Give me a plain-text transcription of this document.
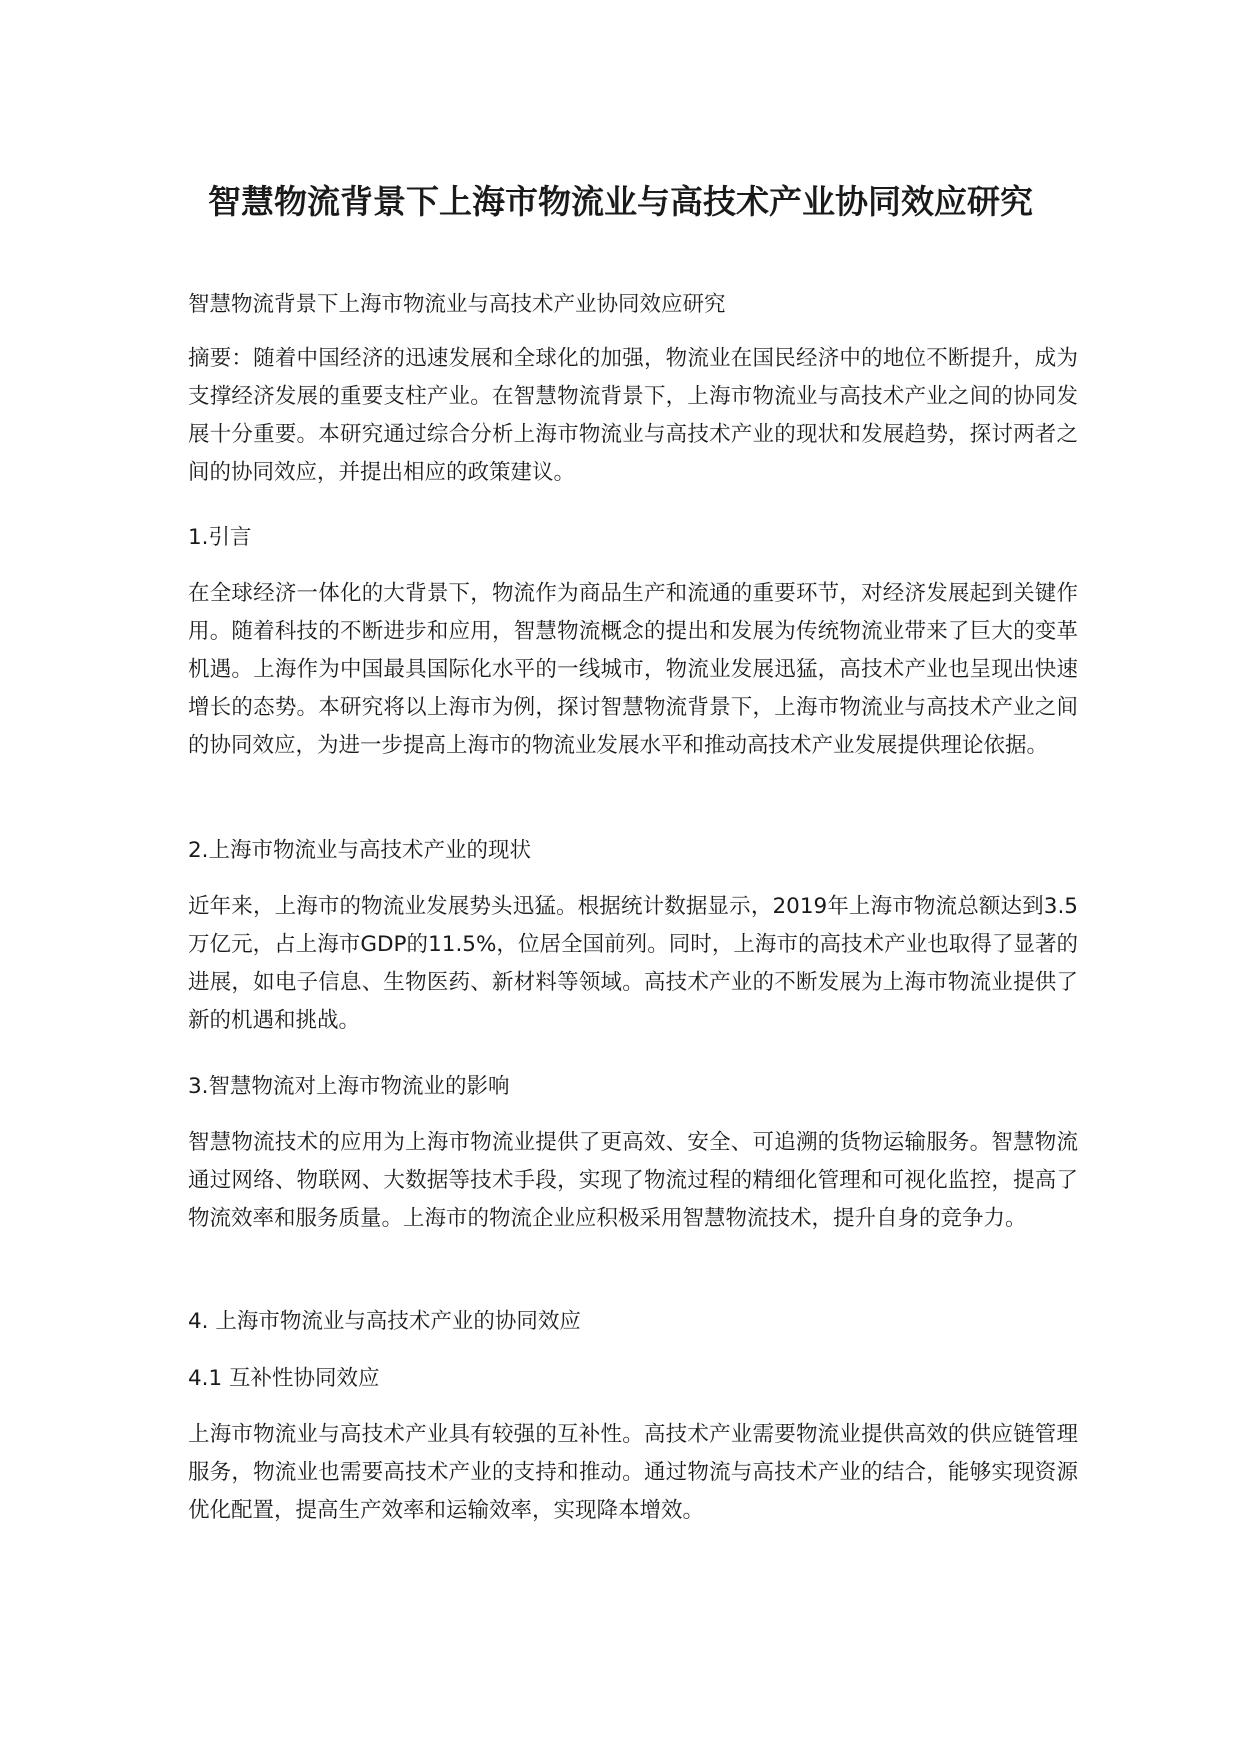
智慧物流背景下上海市物流业与高技术产业协同效应研究

智慧物流背景下上海市物流业与高技术产业协同效应研究

摘要：随着中国经济的迅速发展和全球化的加强，物流业在国民经济中的地位不断提升，成为支撑经济发展的重要支柱产业。在智慧物流背景下，上海市物流业与高技术产业之间的协同发展十分重要。本研究通过综合分析上海市物流业与高技术产业的现状和发展趋势，探讨两者之间的协同效应，并提出相应的政策建议。

1.引言

在全球经济一体化的大背景下，物流作为商品生产和流通的重要环节，对经济发展起到关键作用。随着科技的不断进步和应用，智慧物流概念的提出和发展为传统物流业带来了巨大的变革机遇。上海作为中国最具国际化水平的一线城市，物流业发展迅猛，高技术产业也呈现出快速增长的态势。本研究将以上海市为例，探讨智慧物流背景下，上海市物流业与高技术产业之间的协同效应，为进一步提高上海市的物流业发展水平和推动高技术产业发展提供理论依据。

2.上海市物流业与高技术产业的现状

近年来，上海市的物流业发展势头迅猛。根据统计数据显示，2019年上海市物流总额达到3.5万亿元，占上海市GDP的11.5%，位居全国前列。同时，上海市的高技术产业也取得了显著的进展，如电子信息、生物医药、新材料等领域。高技术产业的不断发展为上海市物流业提供了新的机遇和挑战。

3.智慧物流对上海市物流业的影响

智慧物流技术的应用为上海市物流业提供了更高效、安全、可追溯的货物运输服务。智慧物流通过网络、物联网、大数据等技术手段，实现了物流过程的精细化管理和可视化监控，提高了物流效率和服务质量。上海市的物流企业应积极采用智慧物流技术，提升自身的竞争力。

4. 上海市物流业与高技术产业的协同效应

4.1 互补性协同效应

上海市物流业与高技术产业具有较强的互补性。高技术产业需要物流业提供高效的供应链管理服务，物流业也需要高技术产业的支持和推动。通过物流与高技术产业的结合，能够实现资源优化配置，提高生产效率和运输效率，实现降本增效。
